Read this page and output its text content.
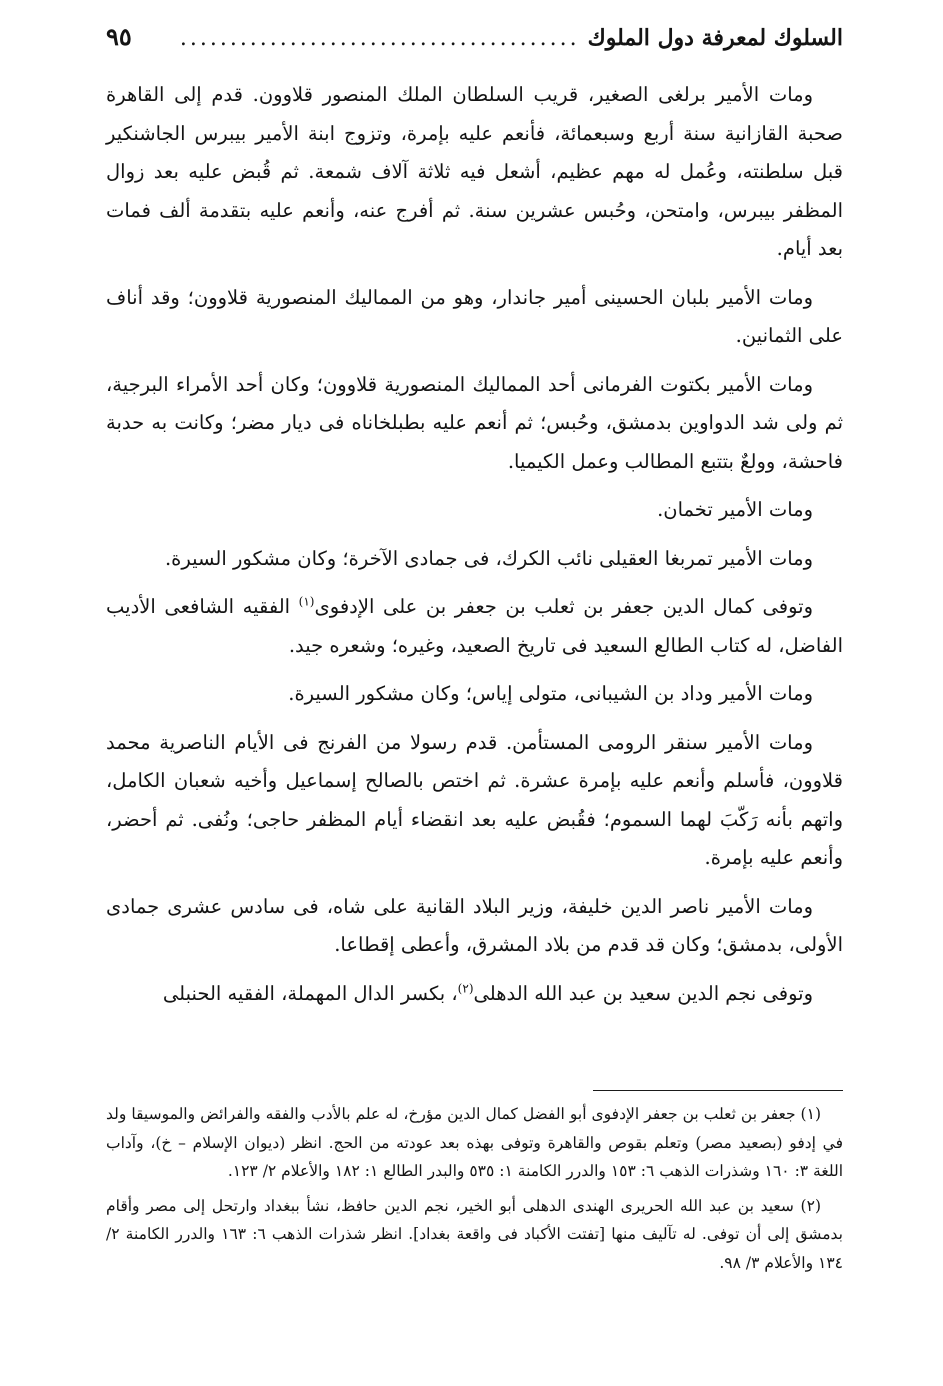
السلوك لمعرفة دول الملوك
........................................
٩٥

ومات الأمير برلغى الصغير، قريب السلطان الملك المنصور قلاوون. قدم إلى القاهرة صحبة القازانية سنة أربع وسبعمائة، فأنعم عليه بإمرة، وتزوج ابنة الأمير بيبرس الجاشنكير قبل سلطنته، وعُمل له مهم عظيم، أشعل فيه ثلاثة آلاف شمعة. ثم قُبض عليه بعد زوال المظفر بيبرس، وامتحن، وحُبس عشرين سنة. ثم أفرج عنه، وأنعم عليه بتقدمة ألف فمات بعد أيام.

ومات الأمير بلبان الحسينى أمير جاندار، وهو من المماليك المنصورية قلاوون؛ وقد أناف على الثمانين.

ومات الأمير بكتوت الفرمانى أحد المماليك المنصورية قلاوون؛ وكان أحد الأمراء البرجية، ثم ولى شد الدواوين بدمشق، وحُبس؛ ثم أنعم عليه بطبلخاناه فى ديار مضر؛ وكانت به حدبة فاحشة، وولعٌ بتتبع المطالب وعمل الكيميا.

ومات الأمير تخمان.

ومات الأمير تمربغا العقيلى نائب الكرك، فى جمادى الآخرة؛ وكان مشكور السيرة.

وتوفى كمال الدين جعفر بن ثعلب بن جعفر بن على الإدفوى$^{(١)}$ الفقيه الشافعى الأديب الفاضل، له كتاب الطالع السعيد فى تاريخ الصعيد، وغيره؛ وشعره جيد.

ومات الأمير وداد بن الشيبانى، متولى إياس؛ وكان مشكور السيرة.

ومات الأمير سنقر الرومى المستأمن. قدم رسولا من الفرنج فى الأيام الناصرية محمد قلاوون، فأسلم وأنعم عليه بإمرة عشرة. ثم اختص بالصالح إسماعيل وأخيه شعبان الكامل، واتهم بأنه رَكّبَ لهما السموم؛ فقُبض عليه بعد انقضاء أيام المظفر حاجى؛ ونُفى. ثم أحضر، وأنعم عليه بإمرة.

ومات الأمير ناصر الدين خليفة، وزير البلاد القانية على شاه، فى سادس عشرى جمادى الأولى، بدمشق؛ وكان قد قدم من بلاد المشرق، وأعطى إقطاعا.

وتوفى نجم الدين سعيد بن عبد الله الدهلى$^{(٢)}$، بكسر الدال المهملة، الفقيه الحنبلى

(١) جعفر بن ثعلب بن جعفر الإدفوى أبو الفضل كمال الدين مؤرخ، له علم بالأدب والفقه والفرائض والموسيقا ولد في إدفو (بصعيد مصر) وتعلم بقوص والقاهرة وتوفى بهذه بعد عودته من الحج. انظر (ديوان الإسلام – خ)، وآداب اللغة ٣: ١٦٠ وشذرات الذهب ٦: ١٥٣ والدرر الكامنة ١: ٥٣٥ والبدر الطالع ١: ١٨٢ والأعلام ٢/ ١٢٣.

(٢) سعيد بن عبد الله الحريرى الهندى الدهلى أبو الخير، نجم الدين حافظ، نشأ ببغداد وارتحل إلى مصر وأقام بدمشق إلى أن توفى. له تآليف منها [تفتت الأكباد فى واقعة بغداد]. انظر شذرات الذهب ٦: ١٦٣ والدرر الكامنة ٢/ ١٣٤ والأعلام ٣/ ٩٨.
